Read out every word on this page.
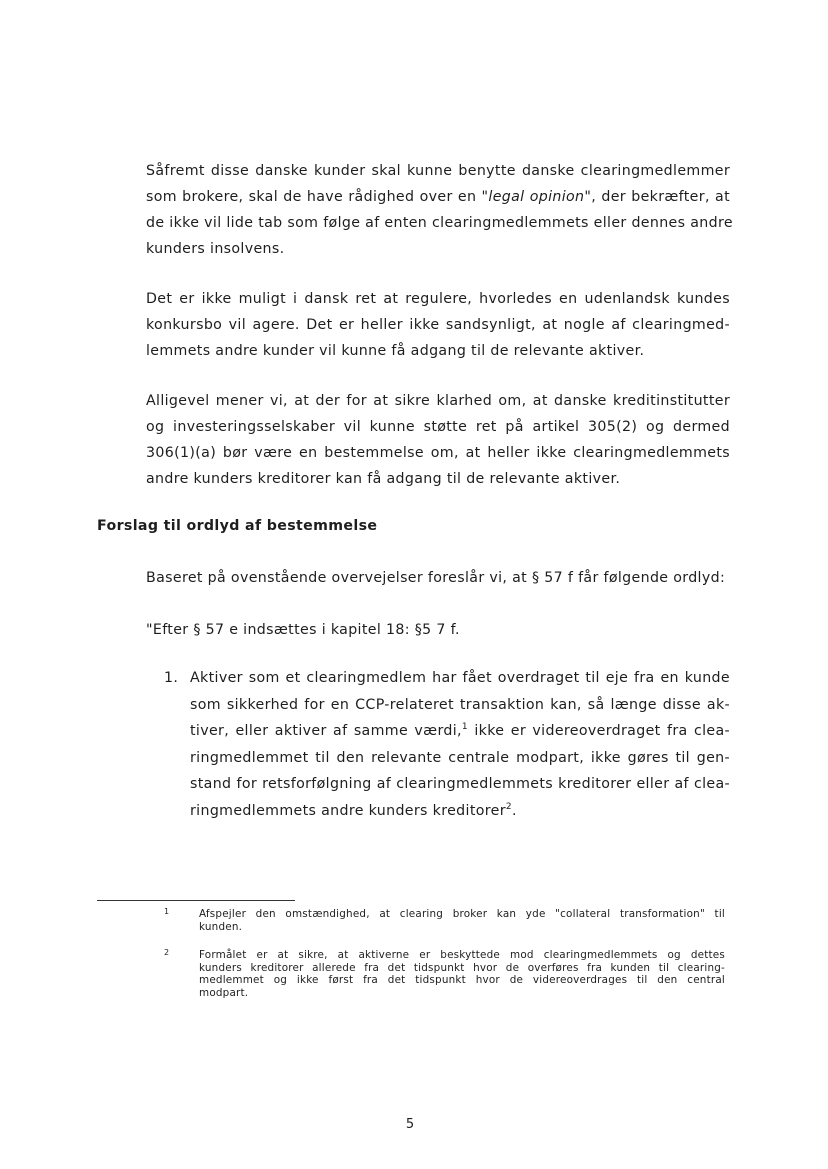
Såfremt disse danske kunder skal kunne benytte danske clearingmedlemmer
som brokere, skal de have rådighed over en "legal opinion", der bekræfter, at
de ikke vil lide tab som følge af enten clearingmedlemmets eller dennes andre
kunders insolvens.

Det er ikke muligt i dansk ret at regulere, hvorledes en udenlandsk kundes
konkursbo vil agere. Det er heller ikke sandsynligt, at nogle af clearingmed-
lemmets andre kunder vil kunne få adgang til de relevante aktiver.

Alligevel mener vi, at der for at sikre klarhed om, at danske kreditinstitutter
og investeringsselskaber vil kunne støtte ret på artikel 305(2) og dermed
306(1)(a) bør være en bestemmelse om, at heller ikke clearingmedlemmets
andre kunders kreditorer kan få adgang til de relevante aktiver.

Forslag til ordlyd af bestemmelse

Baseret på ovenstående overvejelser foreslår vi, at § 57 f får følgende ordlyd:

"Efter § 57 e indsættes i kapitel 18: §5 7 f.

1. Aktiver som et clearingmedlem har fået overdraget til eje fra en kunde
som sikkerhed for en CCP-relateret transaktion kan, så længe disse ak-
tiver, eller aktiver af samme værdi,$^1$ ikke er videreoverdraget fra clea-
ringmedlemmet til den relevante centrale modpart, ikke gøres til gen-
stand for retsforfølgning af clearingmedlemmets kreditorer eller af clea-
ringmedlemmets andre kunders kreditorer$^2$.
1	Afspejler den omstændighed, at clearing broker kan yde "collateral transformation" til
kunden.
2	Formålet er at sikre, at aktiverne er beskyttede mod clearingmedlemmets og dettes
kunders kreditorer allerede fra det tidspunkt hvor de overføres fra kunden til clearing-
medlemmet og ikke først fra det tidspunkt hvor de videreoverdrages til den central
modpart.

5
